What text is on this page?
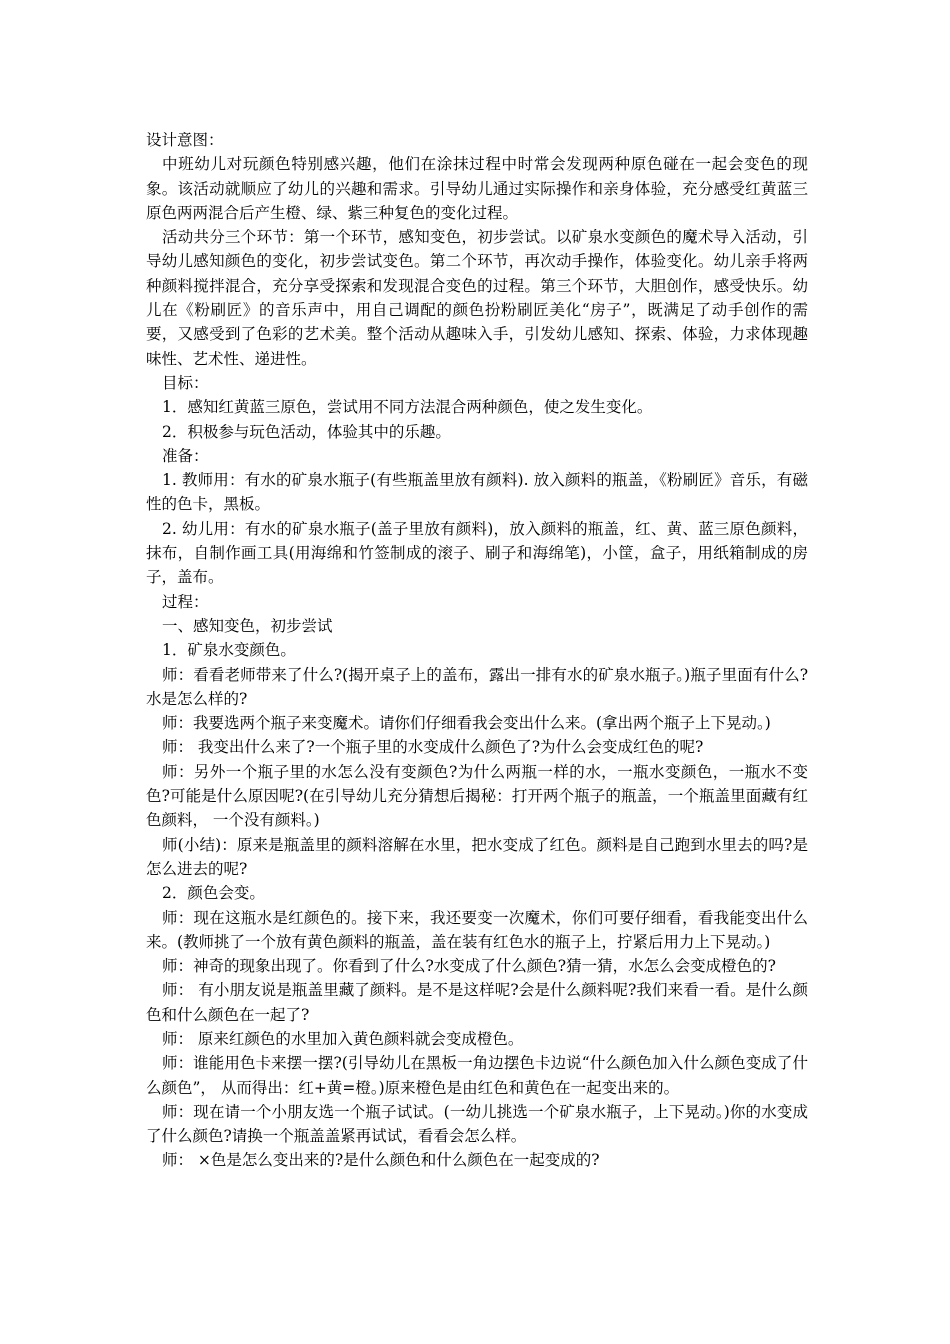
设计意图：

中班幼儿对玩颜色特别感兴趣，他们在涂抹过程中时常会发现两种原色碰在一起会变色的现象。该活动就顺应了幼儿的兴趣和需求。引导幼儿通过实际操作和亲身体验，充分感受红黄蓝三原色两两混合后产生橙、绿、紫三种复色的变化过程。

活动共分三个环节：第一个环节，感知变色，初步尝试。以矿泉水变颜色的魔术导入活动，引导幼儿感知颜色的变化，初步尝试变色。第二个环节，再次动手操作，体验变化。幼儿亲手将两种颜料搅拌混合，充分享受探索和发现混合变色的过程。第三个环节，大胆创作，感受快乐。幼儿在《粉刷匠》的音乐声中，用自己调配的颜色扮粉刷匠美化“房子”，既满足了动手创作的需要，又感受到了色彩的艺术美。整个活动从趣味入手，引发幼儿感知、探索、体验，力求体现趣味性、艺术性、递进性。

目标：

1．感知红黄蓝三原色，尝试用不同方法混合两种颜色，使之发生变化。

2．积极参与玩色活动，体验其中的乐趣。

准备：

1. 教师用：有水的矿泉水瓶子(有些瓶盖里放有颜料). 放入颜料的瓶盖，《粉刷匠》音乐，有磁性的色卡，黑板。

2. 幼儿用：有水的矿泉水瓶子(盖子里放有颜料)，放入颜料的瓶盖，红、黄、蓝三原色颜料，抹布，自制作画工具(用海绵和竹签制成的滚子、刷子和海绵笔)，小筐，盒子，用纸箱制成的房子，盖布。

过程：

一、感知变色，初步尝试

1．矿泉水变颜色。

师：看看老师带来了什么?(揭开桌子上的盖布，露出一排有水的矿泉水瓶子。)瓶子里面有什么?水是怎么样的?

师：我要选两个瓶子来变魔术。请你们仔细看我会变出什么来。(拿出两个瓶子上下晃动。)

师： 我变出什么来了?一个瓶子里的水变成什么颜色了?为什么会变成红色的呢?

师：另外一个瓶子里的水怎么没有变颜色?为什么两瓶一样的水，一瓶水变颜色，一瓶水不变色?可能是什么原因呢?(在引导幼儿充分猜想后揭秘：打开两个瓶子的瓶盖，一个瓶盖里面藏有红色颜料， 一个没有颜料。)

师(小结)：原来是瓶盖里的颜料溶解在水里，把水变成了红色。颜料是自己跑到水里去的吗?是怎么进去的呢?

2．颜色会变。

师：现在这瓶水是红颜色的。接下来，我还要变一次魔术，你们可要仔细看，看我能变出什么来。(教师挑了一个放有黄色颜料的瓶盖，盖在装有红色水的瓶子上，拧紧后用力上下晃动。)

师：神奇的现象出现了。你看到了什么?水变成了什么颜色?猜一猜，水怎么会变成橙色的?

师： 有小朋友说是瓶盖里藏了颜料。是不是这样呢?会是什么颜料呢?我们来看一看。是什么颜色和什么颜色在一起了?

师： 原来红颜色的水里加入黄色颜料就会变成橙色。

师：谁能用色卡来摆一摆?(引导幼儿在黑板一角边摆色卡边说“什么颜色加入什么颜色变成了什么颜色”， 从而得出：红+黄=橙。)原来橙色是由红色和黄色在一起变出来的。

师：现在请一个小朋友选一个瓶子试试。(一幼儿挑选一个矿泉水瓶子，上下晃动。)你的水变成了什么颜色?请换一个瓶盖盖紧再试试，看看会怎么样。

师： ×色是怎么变出来的?是什么颜色和什么颜色在一起变成的?
